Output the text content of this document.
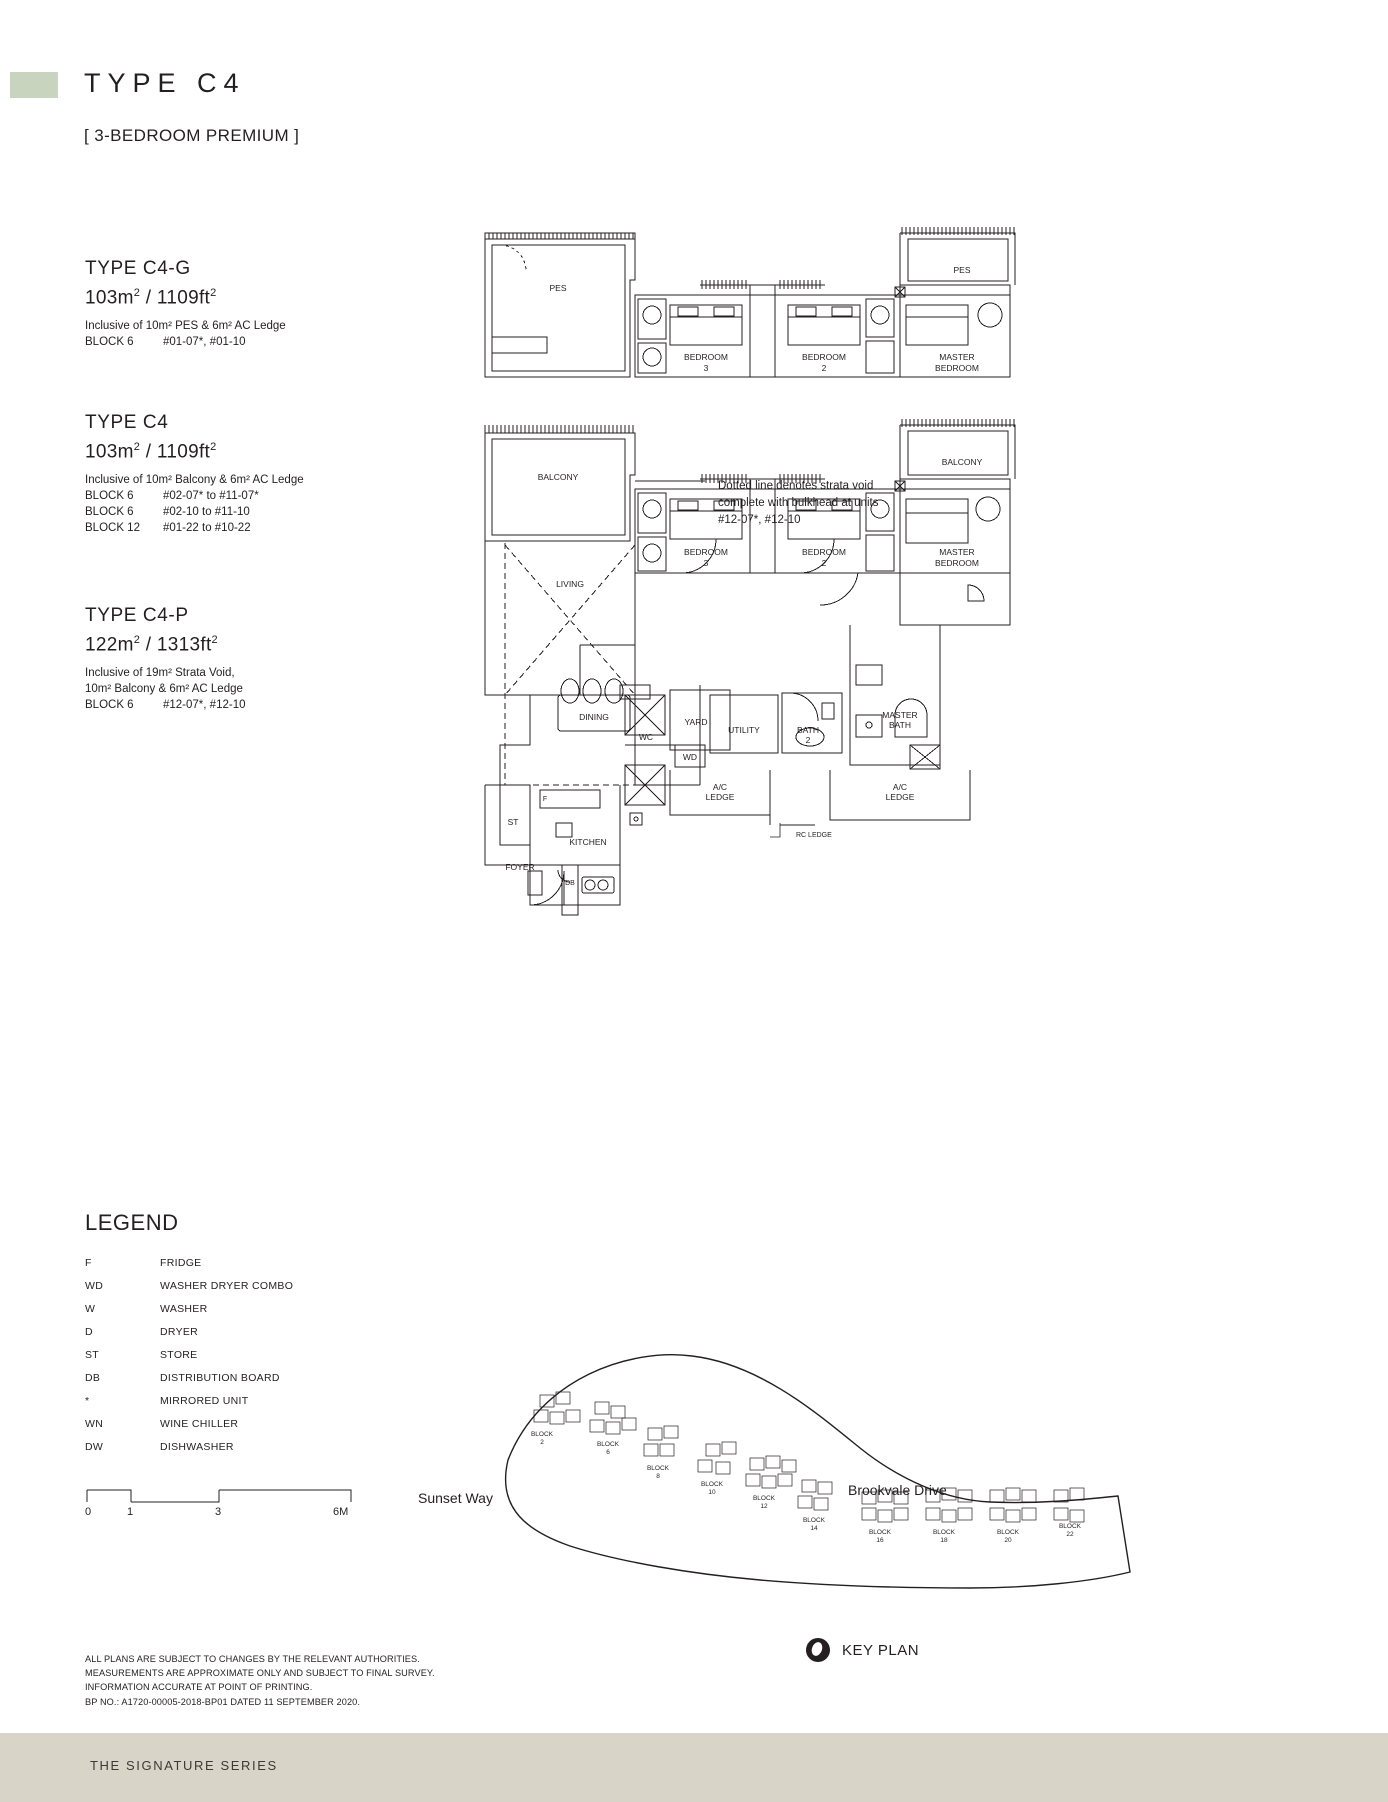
TYPE C4
[ 3-BEDROOM PREMIUM ]
TYPE C4-G
$103m^2 / 1109ft^2$
Inclusive of 10m² PES & 6m² AC Ledge
BLOCK 6	#01-07*, #01-10
TYPE C4
$103m^2 / 1109ft^2$
Inclusive of 10m² Balcony & 6m² AC Ledge
BLOCK 6	#02-07* to #11-07*
BLOCK 6	#02-10 to #11-10
BLOCK 12	#01-22 to #10-22
TYPE C4-P
$122m^2 / 1313ft^2$
Inclusive of 19m² Strata Void,
10m² Balcony & 6m² AC Ledge
BLOCK 6	#12-07*, #12-10
Dotted line denotes strata void
complete with bulkhead at units
#12-07*, #12-10
PES
PES
BEDROOM
3
BEDROOM
2
MASTER
BEDROOM
BALCONY
BALCONY
BEDROOM
3
BEDROOM
2
MASTER
BEDROOM
LIVING
DINING
WC
YARD
UTILITY	BATH
2
MASTER
BATH
WD
A/C
LEDGE
A/C
LEDGE
RC LEDGE
KITCHEN
FOYER
ST
DB
F
LEGEND
F	FRIDGE
WD	WASHER DRYER COMBO
W	WASHER
D	DRYER
ST	STORE
DB	DISTRIBUTION BOARD
*	MIRRORED UNIT
WN	WINE CHILLER
DW	DISHWASHER
0	1	3	6M
ALL PLANS ARE SUBJECT TO CHANGES BY THE RELEVANT AUTHORITIES.
MEASUREMENTS ARE APPROXIMATE ONLY AND SUBJECT TO FINAL SURVEY.
INFORMATION ACCURATE AT POINT OF PRINTING.
BP NO.: A1720-00005-2018-BP01 DATED 11 SEPTEMBER 2020.
BLOCK
2	BLOCK
6
BLOCK
8
BLOCK
10
BLOCK
12
BLOCK
14
BLOCK
16
BLOCK
18
BLOCK
20
BLOCK
22
Sunset Way	Brookvale Drive
KEY PLAN
THE SIGNATURE SERIES
